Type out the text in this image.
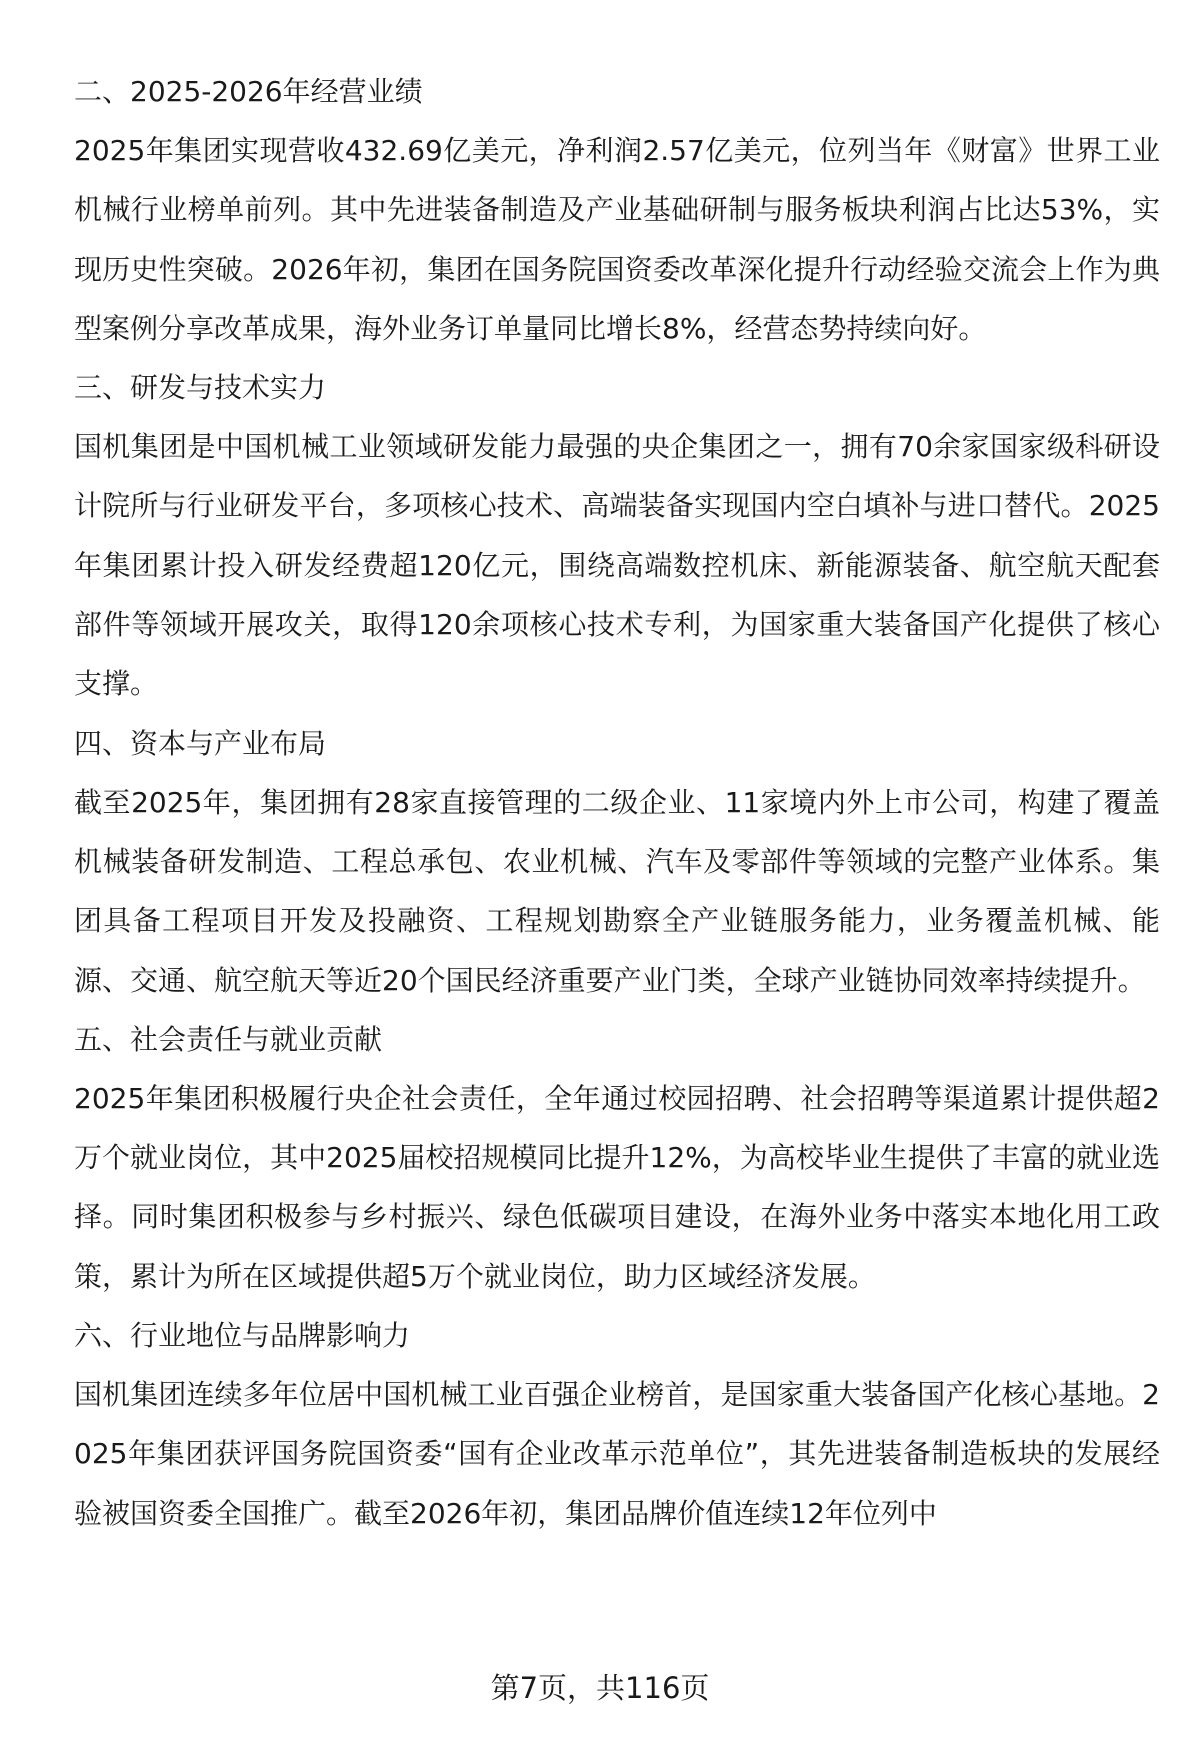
二、2025-2026年经营业绩

2025年集团实现营收432.69亿美元，净利润2.57亿美元，位列当年《财富》世界工业机械行业榜单前列。其中先进装备制造及产业基础研制与服务板块利润占比达53%，实现历史性突破。2026年初，集团在国务院国资委改革深化提升行动经验交流会上作为典型案例分享改革成果，海外业务订单量同比增长8%，经营态势持续向好。

三、研发与技术实力

国机集团是中国机械工业领域研发能力最强的央企集团之一，拥有70余家国家级科研设计院所与行业研发平台，多项核心技术、高端装备实现国内空白填补与进口替代。2025年集团累计投入研发经费超120亿元，围绕高端数控机床、新能源装备、航空航天配套部件等领域开展攻关，取得120余项核心技术专利，为国家重大装备国产化提供了核心支撑。

四、资本与产业布局

截至2025年，集团拥有28家直接管理的二级企业、11家境内外上市公司，构建了覆盖机械装备研发制造、工程总承包、农业机械、汽车及零部件等领域的完整产业体系。集团具备工程项目开发及投融资、工程规划勘察全产业链服务能力，业务覆盖机械、能源、交通、航空航天等近20个国民经济重要产业门类，全球产业链协同效率持续提升。

五、社会责任与就业贡献

2025年集团积极履行央企社会责任，全年通过校园招聘、社会招聘等渠道累计提供超2万个就业岗位，其中2025届校招规模同比提升12%，为高校毕业生提供了丰富的就业选择。同时集团积极参与乡村振兴、绿色低碳项目建设，在海外业务中落实本地化用工政策，累计为所在区域提供超5万个就业岗位，助力区域经济发展。

六、行业地位与品牌影响力

国机集团连续多年位居中国机械工业百强企业榜首，是国家重大装备国产化核心基地。2025年集团获评国务院国资委“国有企业改革示范单位”，其先进装备制造板块的发展经验被国资委全国推广。截至2026年初，集团品牌价值连续12年位列中

第7页，共116页
